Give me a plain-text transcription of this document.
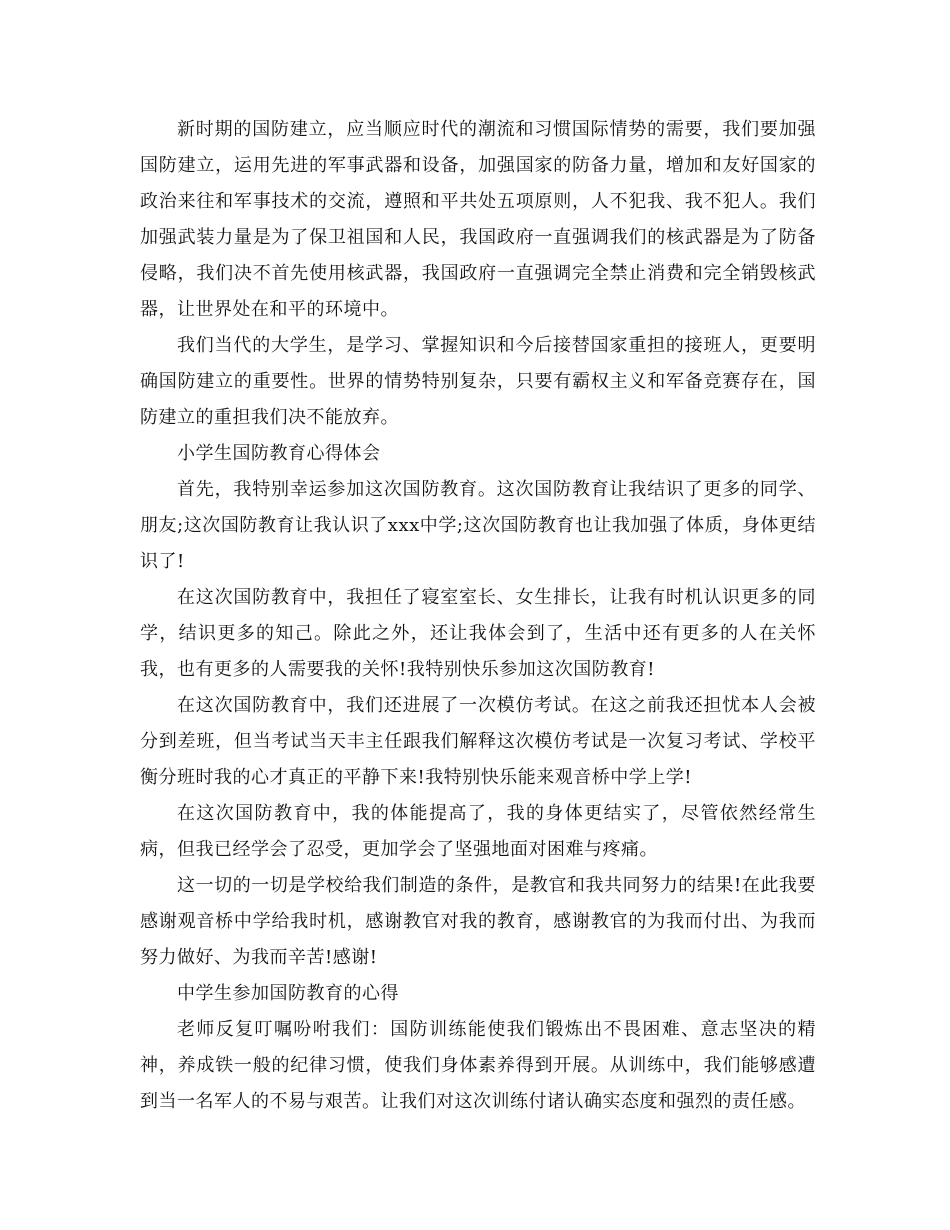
新时期的国防建立，应当顺应时代的潮流和习惯国际情势的需要，我们要加强国防建立，运用先进的军事武器和设备，加强国家的防备力量，增加和友好国家的政治来往和军事技术的交流，遵照和平共处五项原则，人不犯我、我不犯人。我们加强武装力量是为了保卫祖国和人民，我国政府一直强调我们的核武器是为了防备侵略，我们决不首先使用核武器，我国政府一直强调完全禁止消费和完全销毁核武器，让世界处在和平的环境中。

我们当代的大学生，是学习、掌握知识和今后接替国家重担的接班人，更要明确国防建立的重要性。世界的情势特别复杂，只要有霸权主义和军备竞赛存在，国防建立的重担我们决不能放弃。

小学生国防教育心得体会

首先，我特别幸运参加这次国防教育。这次国防教育让我结识了更多的同学、朋友;这次国防教育让我认识了xxx中学;这次国防教育也让我加强了体质，身体更结识了!

在这次国防教育中，我担任了寝室室长、女生排长，让我有时机认识更多的同学，结识更多的知己。除此之外，还让我体会到了，生活中还有更多的人在关怀我，也有更多的人需要我的关怀!我特别快乐参加这次国防教育!

在这次国防教育中，我们还进展了一次模仿考试。在这之前我还担忧本人会被分到差班，但当考试当天丰主任跟我们解释这次模仿考试是一次复习考试、学校平衡分班时我的心才真正的平静下来!我特别快乐能来观音桥中学上学!

在这次国防教育中，我的体能提高了，我的身体更结实了，尽管依然经常生病，但我已经学会了忍受，更加学会了坚强地面对困难与疼痛。

这一切的一切是学校给我们制造的条件，是教官和我共同努力的结果!在此我要感谢观音桥中学给我时机，感谢教官对我的教育，感谢教官的为我而付出、为我而努力做好、为我而辛苦!感谢!

中学生参加国防教育的心得

老师反复叮嘱吩咐我们：国防训练能使我们锻炼出不畏困难、意志坚决的精神，养成铁一般的纪律习惯，使我们身体素养得到开展。从训练中，我们能够感遭到当一名军人的不易与艰苦。让我们对这次训练付诸认确实态度和强烈的责任感。
